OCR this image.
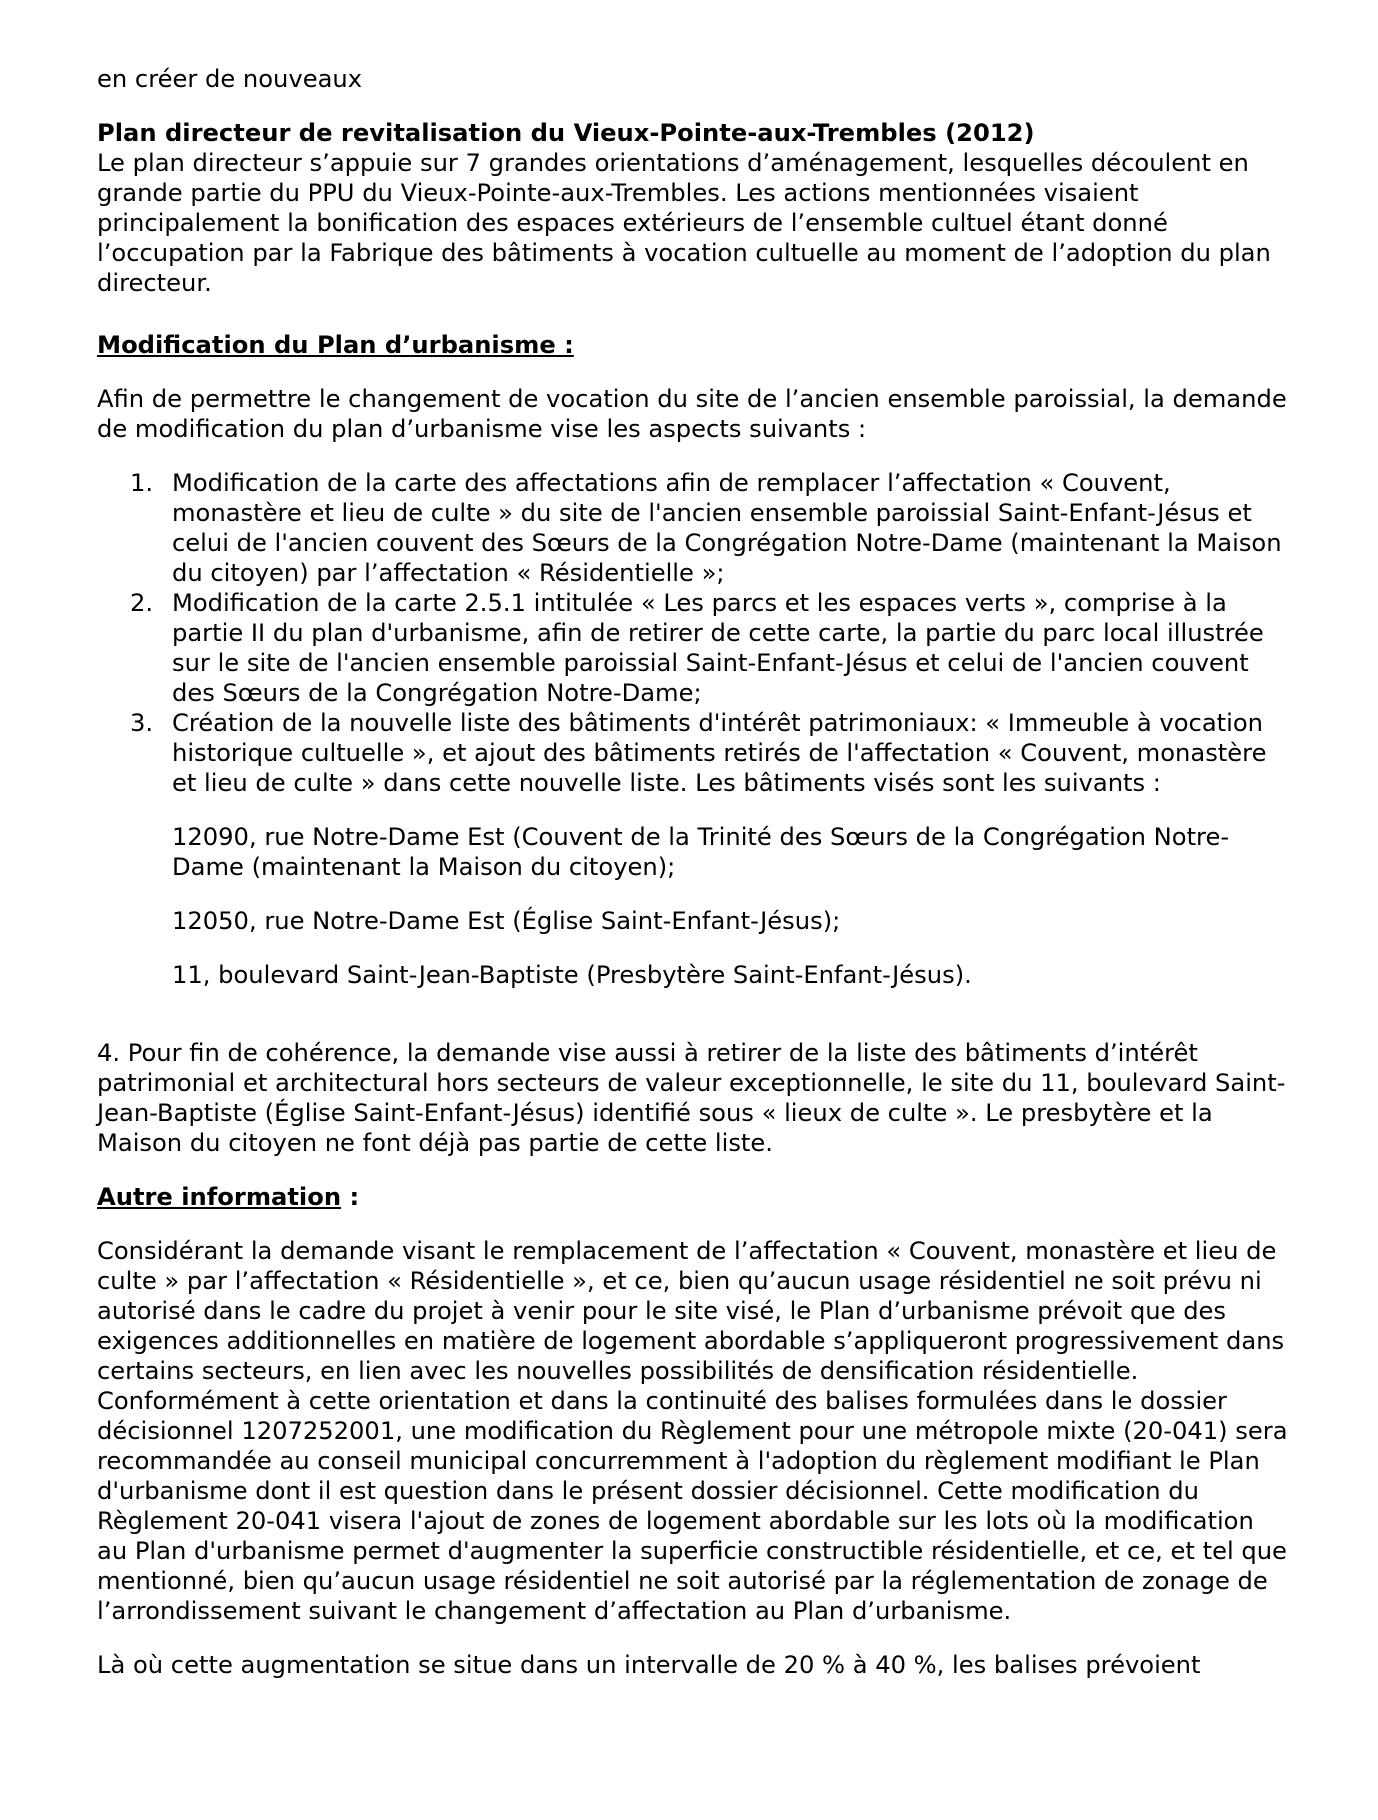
en créer de nouveaux

Plan directeur de revitalisation du Vieux-Pointe-aux-Trembles (2012)

Le plan directeur s’appuie sur 7 grandes orientations d’aménagement, lesquelles découlent en grande partie du PPU du Vieux-Pointe-aux-Trembles. Les actions mentionnées visaient principalement la bonification des espaces extérieurs de l’ensemble cultuel étant donné l’occupation par la Fabrique des bâtiments à vocation cultuelle au moment de l’adoption du plan directeur.

Modification du Plan d’urbanisme :

Afin de permettre le changement de vocation du site de l’ancien ensemble paroissial, la demande de modification du plan d’urbanisme vise les aspects suivants :

1. Modification de la carte des affectations afin de remplacer l’affectation « Couvent, monastère et lieu de culte » du site de l'ancien ensemble paroissial Saint-Enfant-Jésus et celui de l'ancien couvent des Sœurs de la Congrégation Notre-Dame (maintenant la Maison du citoyen) par l’affectation « Résidentielle »;
2. Modification de la carte 2.5.1 intitulée « Les parcs et les espaces verts », comprise à la partie II du plan d'urbanisme, afin de retirer de cette carte, la partie du parc local illustrée sur le site de l'ancien ensemble paroissial Saint-Enfant-Jésus et celui de l'ancien couvent des Sœurs de la Congrégation Notre-Dame;
3. Création de la nouvelle liste des bâtiments d'intérêt patrimoniaux: « Immeuble à vocation historique cultuelle », et ajout des bâtiments retirés de l'affectation « Couvent, monastère et lieu de culte » dans cette nouvelle liste. Les bâtiments visés sont les suivants :

12090, rue Notre-Dame Est (Couvent de la Trinité des Sœurs de la Congrégation Notre-Dame (maintenant la Maison du citoyen);

12050, rue Notre-Dame Est (Église Saint-Enfant-Jésus);

11, boulevard Saint-Jean-Baptiste (Presbytère Saint-Enfant-Jésus).

4. Pour fin de cohérence, la demande vise aussi à retirer de la liste des bâtiments d’intérêt patrimonial et architectural hors secteurs de valeur exceptionnelle, le site du 11, boulevard Saint-Jean-Baptiste (Église Saint-Enfant-Jésus) identifié sous « lieux de culte ». Le presbytère et la Maison du citoyen ne font déjà pas partie de cette liste.

Autre information :

Considérant la demande visant le remplacement de l’affectation « Couvent, monastère et lieu de culte » par l’affectation « Résidentielle », et ce, bien qu’aucun usage résidentiel ne soit prévu ni autorisé dans le cadre du projet à venir pour le site visé, le Plan d’urbanisme prévoit que des exigences additionnelles en matière de logement abordable s’appliqueront progressivement dans certains secteurs, en lien avec les nouvelles possibilités de densification résidentielle. Conformément à cette orientation et dans la continuité des balises formulées dans le dossier décisionnel 1207252001, une modification du Règlement pour une métropole mixte (20-041) sera recommandée au conseil municipal concurremment à l'adoption du règlement modifiant le Plan d'urbanisme dont il est question dans le présent dossier décisionnel. Cette modification du Règlement 20-041 visera l'ajout de zones de logement abordable sur les lots où la modification au Plan d'urbanisme permet d'augmenter la superficie constructible résidentielle, et ce, et tel que mentionné, bien qu’aucun usage résidentiel ne soit autorisé par la réglementation de zonage de l’arrondissement suivant le changement d’affectation au Plan d’urbanisme.

Là où cette augmentation se situe dans un intervalle de 20 % à 40 %, les balises prévoient
